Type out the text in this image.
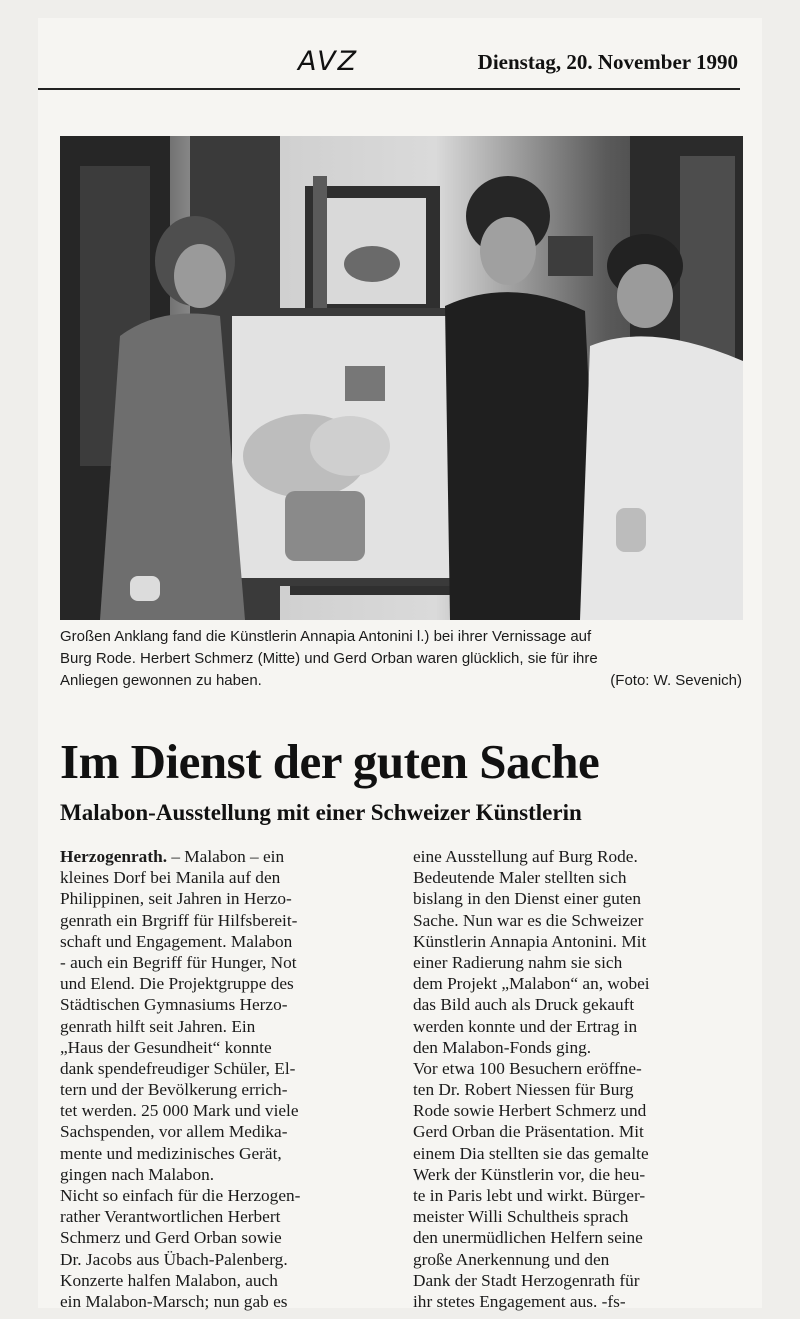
AVZ	Dienstag, 20. November 1990
Großen Anklang fand die Künstlerin Annapia Antonini l.) bei ihrer Vernissage auf
Burg Rode. Herbert Schmerz (Mitte) und Gerd Orban waren glücklich, sie für ihre
Anliegen gewonnen zu haben.	(Foto: W. Sevenich)
Im Dienst der guten Sache
Malabon-Ausstellung mit einer Schweizer Künstlerin
Herzogenrath. – Malabon – ein
kleines Dorf bei Manila auf den
Philippinen, seit Jahren in Herzo-
genrath ein Brgriff für Hilfsbereit-
schaft und Engagement. Malabon
- auch ein Begriff für Hunger, Not
und Elend. Die Projektgruppe des
Städtischen Gymnasiums Herzo-
genrath hilft seit Jahren. Ein
„Haus der Gesundheit“ konnte
dank spendefreudiger Schüler, El-
tern und der Bevölkerung errich-
tet werden. 25 000 Mark und viele
Sachspenden, vor allem Medika-
mente und medizinisches Gerät,
gingen nach Malabon.
Nicht so einfach für die Herzogen-
rather Verantwortlichen Herbert
Schmerz und Gerd Orban sowie
Dr. Jacobs aus Übach-Palenberg.
Konzerte halfen Malabon, auch
ein Malabon-Marsch; nun gab es
eine Ausstellung auf Burg Rode.
Bedeutende Maler stellten sich
bislang in den Dienst einer guten
Sache. Nun war es die Schweizer
Künstlerin Annapia Antonini. Mit
einer Radierung nahm sie sich
dem Projekt „Malabon“ an, wobei
das Bild auch als Druck gekauft
werden konnte und der Ertrag in
den Malabon-Fonds ging.
Vor etwa 100 Besuchern eröffne-
ten Dr. Robert Niessen für Burg
Rode sowie Herbert Schmerz und
Gerd Orban die Präsentation. Mit
einem Dia stellten sie das gemalte
Werk der Künstlerin vor, die heu-
te in Paris lebt und wirkt. Bürger-
meister Willi Schultheis sprach
den unermüdlichen Helfern seine
große Anerkennung und den
Dank der Stadt Herzogenrath für
ihr stetes Engagement aus. -fs-
